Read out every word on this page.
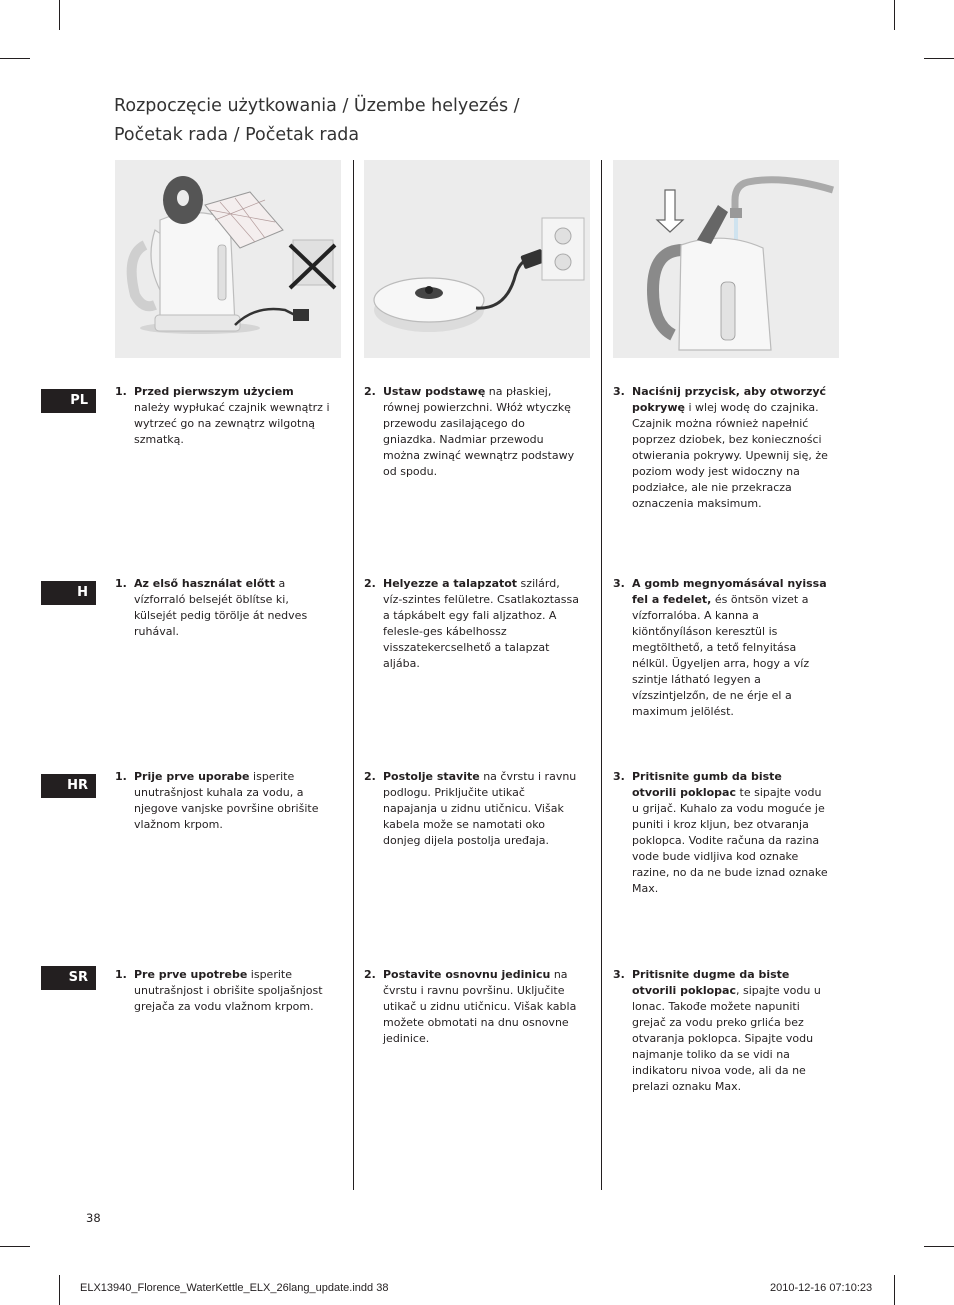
Rozpoczęcie użytkowania / Üzembe helyezés /
Početak rada / Početak rada
PL
H
HR
SR
1. Przed pierwszym użyciem należy wypłukać czajnik wewnątrz i wytrzeć go na zewnątrz wilgotną szmatką.
2. Ustaw podstawę na płaskiej, równej powierzchni. Włóż wtyczkę przewodu zasilającego do gniazdka. Nadmiar przewodu można zwinąć wewnątrz podstawy od spodu.
3. Naciśnij przycisk, aby otworzyć pokrywę i wlej wodę do czajnika. Czajnik można również napełnić poprzez dziobek, bez konieczności otwierania pokrywy. Upewnij się, że poziom wody jest widoczny na podziałce, ale nie przekracza oznaczenia maksimum.
1. Az első használat előtt a vízforraló belsejét öblítse ki, külsejét pedig törölje át nedves ruhával.
2. Helyezze a talapzatot szilárd, víz-szintes felületre. Csatlakoztassa a tápkábelt egy fali aljzathoz. A felesle-ges kábelhossz visszatekercselhető a talapzat aljába.
3. A gomb megnyomásával nyissa fel a fedelet, és öntsön vizet a vízforralóba. A kanna a kiöntőnyíláson keresztül is megtölthető, a tető felnyitása nélkül. Ügyeljen arra, hogy a víz szintje látható legyen a vízszintjelzőn, de ne érje el a maximum jelölést.
1. Prije prve uporabe isperite unutrašnjost kuhala za vodu, a njegove vanjske površine obrišite vlažnom krpom.
2. Postolje stavite na čvrstu i ravnu podlogu. Priključite utikač napajanja u zidnu utičnicu. Višak kabela može se namotati oko donjeg dijela postolja uređaja.
3. Pritisnite gumb da biste otvorili poklopac te sipajte vodu u grijač. Kuhalo za vodu moguće je puniti i kroz kljun, bez otvaranja poklopca. Vodite računa da razina vode bude vidljiva kod oznake razine, no da ne bude iznad oznake Max.
1. Pre prve upotrebe isperite unutrašnjost i obrišite spoljašnjost grejača za vodu vlažnom krpom.
2. Postavite osnovnu jedinicu na čvrstu i ravnu površinu. Uključite utikač u zidnu utičnicu. Višak kabla možete obmotati na dnu osnovne jedinice.
3. Pritisnite dugme da biste otvorili poklopac, sipajte vodu u lonac. Takođe možete napuniti grejač za vodu preko grlića bez otvaranja poklopca. Sipajte vodu najmanje toliko da se vidi na indikatoru nivoa vode, ali da ne prelazi oznaku Max.
38
ELX13940_Florence_WaterKettle_ELX_26lang_update.indd 38	2010-12-16 07:10:23
